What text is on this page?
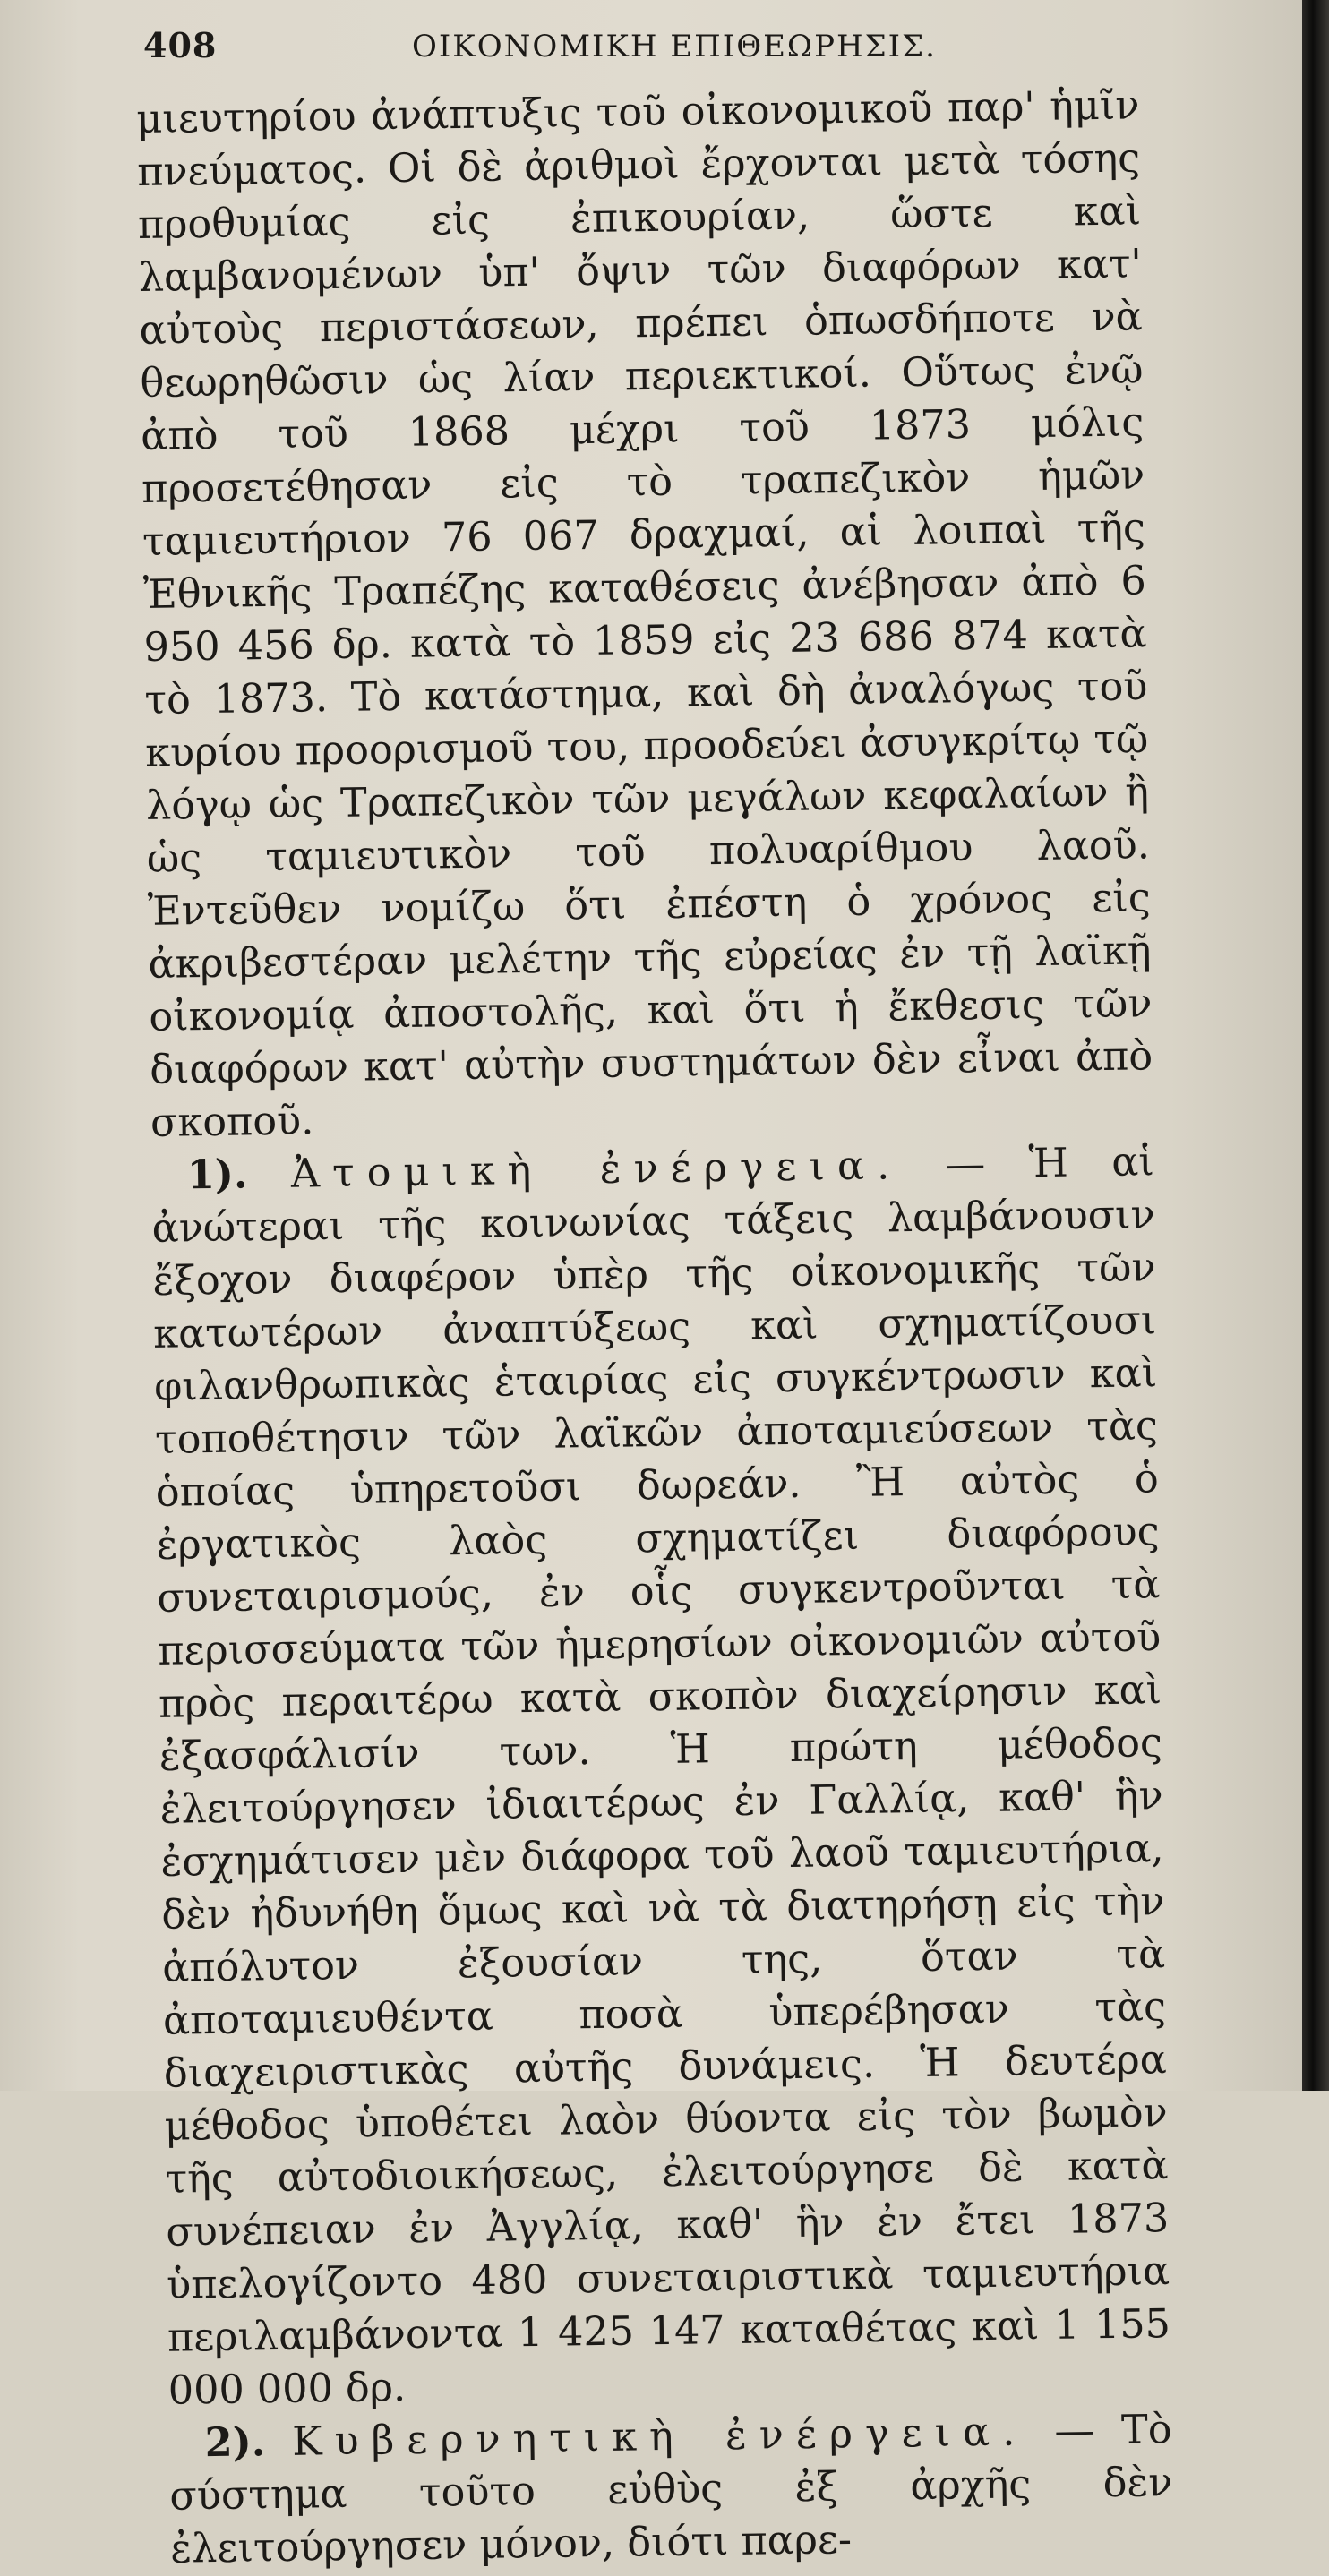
408	ΟΙΚΟΝΟΜΙΚΗ ΕΠΙΘΕΩΡΗΣΙΣ.

μιευτηρίου ἀνάπτυξις τοῦ οἰκονομικοῦ παρ' ἡμῖν πνεύματος. Οἱ δὲ ἀριθμοὶ ἔρχονται μετὰ τόσης προθυμίας εἰς ἐπικουρίαν, ὥστε καὶ λαμβανομένων ὑπ' ὄψιν τῶν διαφόρων κατ' αὐτοὺς περιστάσεων, πρέπει ὁπωσδήποτε νὰ θεωρηθῶσιν ὡς λίαν περιεκτικοί. Οὕτως ἐνῷ ἀπὸ τοῦ 1868 μέχρι τοῦ 1873 μόλις προσετέθησαν εἰς τὸ τραπεζικὸν ἡμῶν ταμιευτήριον 76 067 δραχμαί, αἱ λοιπαὶ τῆς Ἐθνικῆς Τραπέζης καταθέσεις ἀνέβησαν ἀπὸ 6 950 456 δρ. κατὰ τὸ 1859 εἰς 23 686 874 κατὰ τὸ 1873. Τὸ κατάστημα, καὶ δὴ ἀναλόγως τοῦ κυρίου προορισμοῦ του, προοδεύει ἀσυγκρίτῳ τῷ λόγῳ ὡς Τραπεζικὸν τῶν μεγάλων κεφαλαίων ἢ ὡς ταμιευτικὸν τοῦ πολυαρίθμου λαοῦ. Ἐντεῦθεν νομίζω ὅτι ἐπέστη ὁ χρόνος εἰς ἀκριβεστέραν μελέτην τῆς εὐρείας ἐν τῇ λαϊκῇ οἰκονομίᾳ ἀποστολῆς, καὶ ὅτι ἡ ἔκθεσις τῶν διαφόρων κατ' αὐτὴν συστημάτων δὲν εἶναι ἀπὸ σκοποῦ.

1). Ἀτομικὴ ἐνέργεια. — Ἡ αἱ ἀνώτεραι τῆς κοινωνίας τάξεις λαμβάνουσιν ἔξοχον διαφέρον ὑπὲρ τῆς οἰκονομικῆς τῶν κατωτέρων ἀναπτύξεως καὶ σχηματίζουσι φιλανθρωπικὰς ἑταιρίας εἰς συγκέντρωσιν καὶ τοποθέτησιν τῶν λαϊκῶν ἀποταμιεύσεων τὰς ὁποίας ὑπηρετοῦσι δωρεάν. Ἢ αὐτὸς ὁ ἐργατικὸς λαὸς σχηματίζει διαφόρους συνεταιρισμούς, ἐν οἷς συγκεντροῦνται τὰ περισσεύματα τῶν ἡμερησίων οἰκονομιῶν αὐτοῦ πρὸς περαιτέρω κατὰ σκοπὸν διαχείρησιν καὶ ἐξασφάλισίν των. Ἡ πρώτη μέθοδος ἐλειτούργησεν ἰδιαιτέρως ἐν Γαλλίᾳ, καθ' ἣν ἐσχημάτισεν μὲν διάφορα τοῦ λαοῦ ταμιευτήρια, δὲν ἠδυνήθη ὅμως καὶ νὰ τὰ διατηρήσῃ εἰς τὴν ἀπόλυτον ἐξουσίαν της, ὅταν τὰ ἀποταμιευθέντα ποσὰ ὑπερέβησαν τὰς διαχειριστικὰς αὐτῆς δυνάμεις. Ἡ δευτέρα μέθοδος ὑποθέτει λαὸν θύοντα εἰς τὸν βωμὸν τῆς αὐτοδιοικήσεως, ἐλειτούργησε δὲ κατὰ συνέπειαν ἐν Ἀγγλίᾳ, καθ' ἣν ἐν ἔτει 1873 ὑπελογίζοντο 480 συνεταιριστικὰ ταμιευτήρια περιλαμβάνοντα 1 425 147 καταθέτας καὶ 1 155 000 000 δρ.

2). Κυβερνητικὴ ἐνέργεια. — Τὸ σύστημα τοῦτο εὐθὺς ἐξ ἀρχῆς δὲν ἐλειτούργησεν μόνον, διότι παρε-
